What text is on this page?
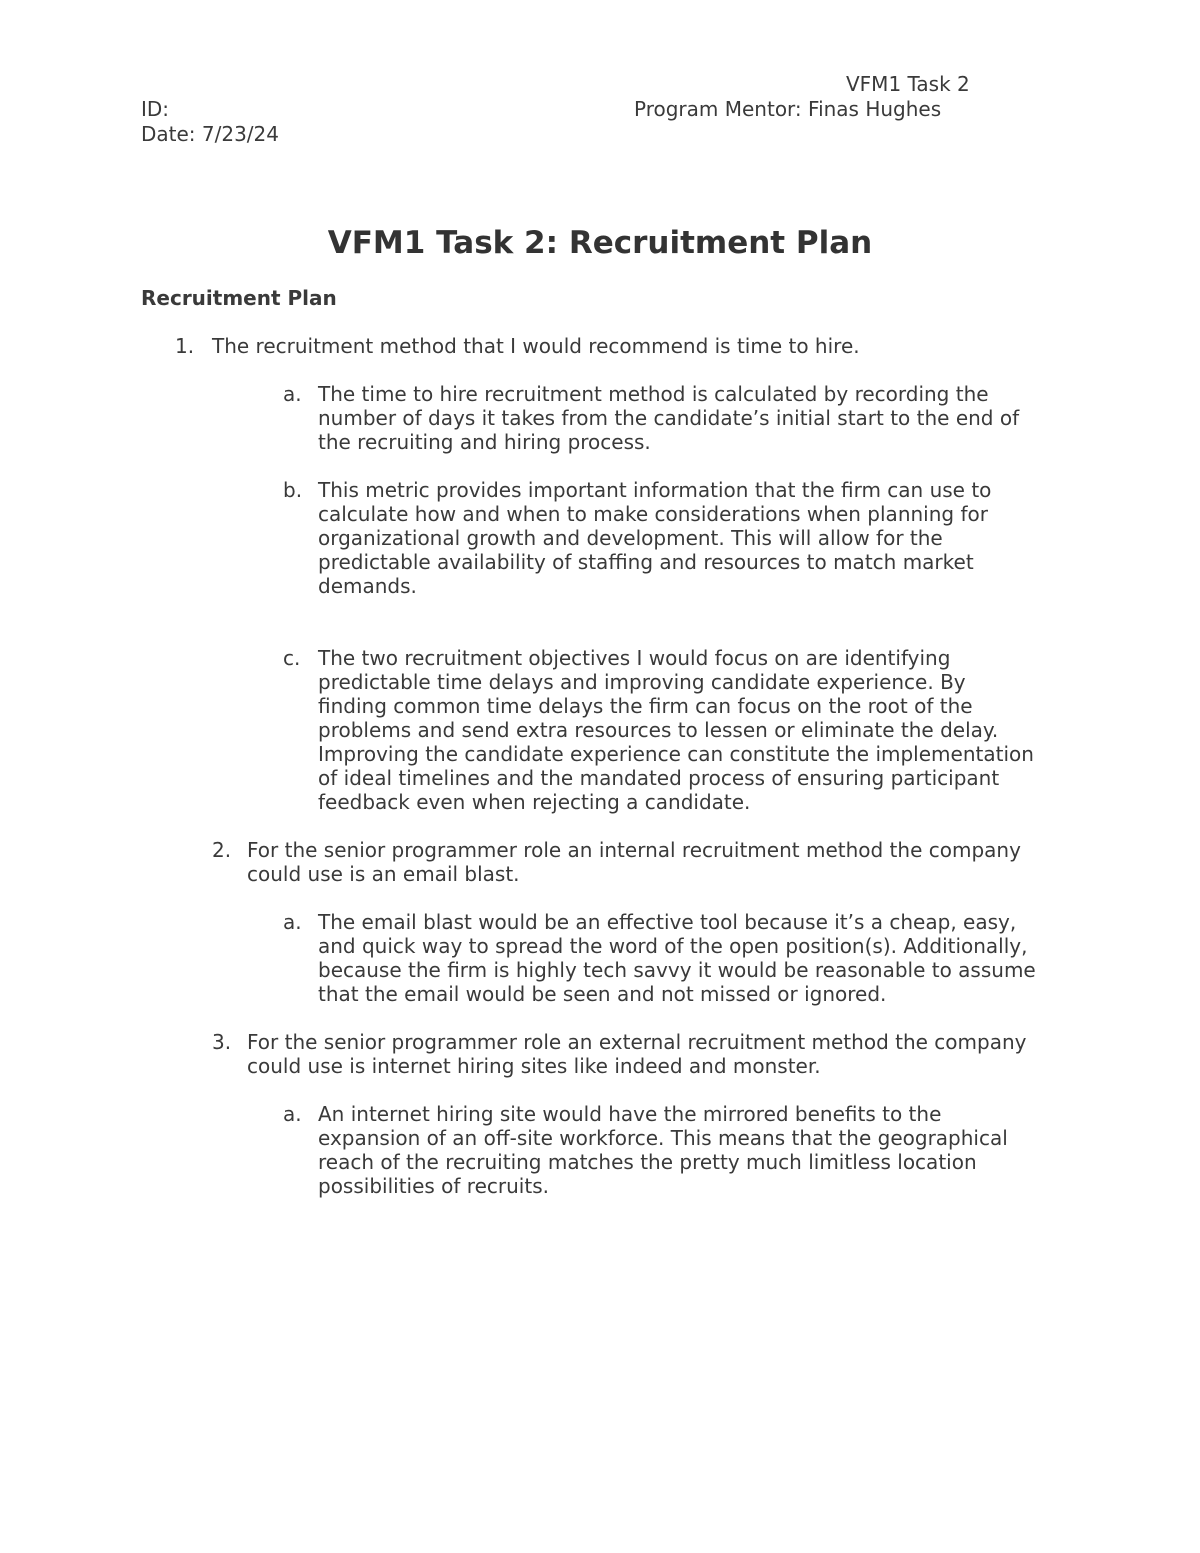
VFM1 Task 2
ID:	Program Mentor: Finas Hughes
Date: 7/23/24
VFM1 Task 2: Recruitment Plan
Recruitment Plan
1. The recruitment method that I would recommend is time to hire.
a. The time to hire recruitment method is calculated by recording the
number of days it takes from the candidate’s initial start to the end of
the recruiting and hiring process.
b. This metric provides important information that the firm can use to
calculate how and when to make considerations when planning for
organizational growth and development. This will allow for the
predictable availability of staffing and resources to match market
demands.
c. The two recruitment objectives I would focus on are identifying
predictable time delays and improving candidate experience. By
finding common time delays the firm can focus on the root of the
problems and send extra resources to lessen or eliminate the delay.
Improving the candidate experience can constitute the implementation
of ideal timelines and the mandated process of ensuring participant
feedback even when rejecting a candidate.
2. For the senior programmer role an internal recruitment method the company
could use is an email blast.
a. The email blast would be an effective tool because it’s a cheap, easy,
and quick way to spread the word of the open position(s). Additionally,
because the firm is highly tech savvy it would be reasonable to assume
that the email would be seen and not missed or ignored.
3. For the senior programmer role an external recruitment method the company
could use is internet hiring sites like indeed and monster.
a. An internet hiring site would have the mirrored benefits to the
expansion of an off-site workforce. This means that the geographical
reach of the recruiting matches the pretty much limitless location
possibilities of recruits.
